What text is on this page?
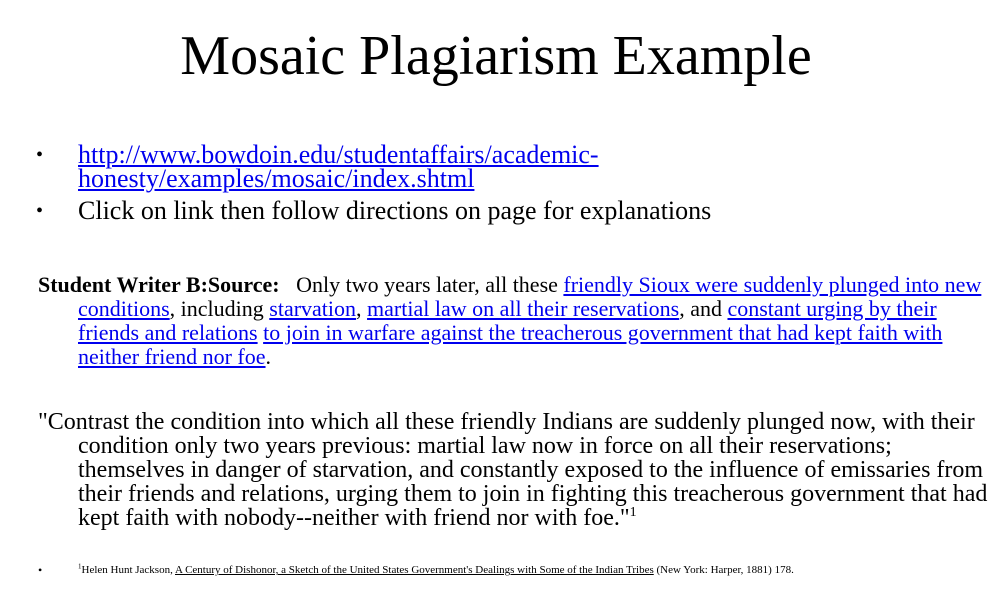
Mosaic Plagiarism Example
•	http://www.bowdoin.edu/studentaffairs/academic-honesty/examples/mosaic/index.shtml
•	Click on link then follow directions on page for explanations
Student Writer B:Source: Only two years later, all these friendly Sioux were suddenly plunged into new conditions, including starvation, martial law on all their reservations, and constant urging by their friends and relations to join in warfare against the treacherous government that had kept faith with neither friend nor foe.
"Contrast the condition into which all these friendly Indians are suddenly plunged now, with their condition only two years previous: martial law now in force on all their reservations; themselves in danger of starvation, and constantly exposed to the influence of emissaries from their friends and relations, urging them to join in fighting this treacherous government that had kept faith with nobody--neither with friend nor with foe."$^1$
•	$^1$Helen Hunt Jackson, A Century of Dishonor, a Sketch of the United States Government's Dealings with Some of the Indian Tribes (New York: Harper, 1881) 178.
